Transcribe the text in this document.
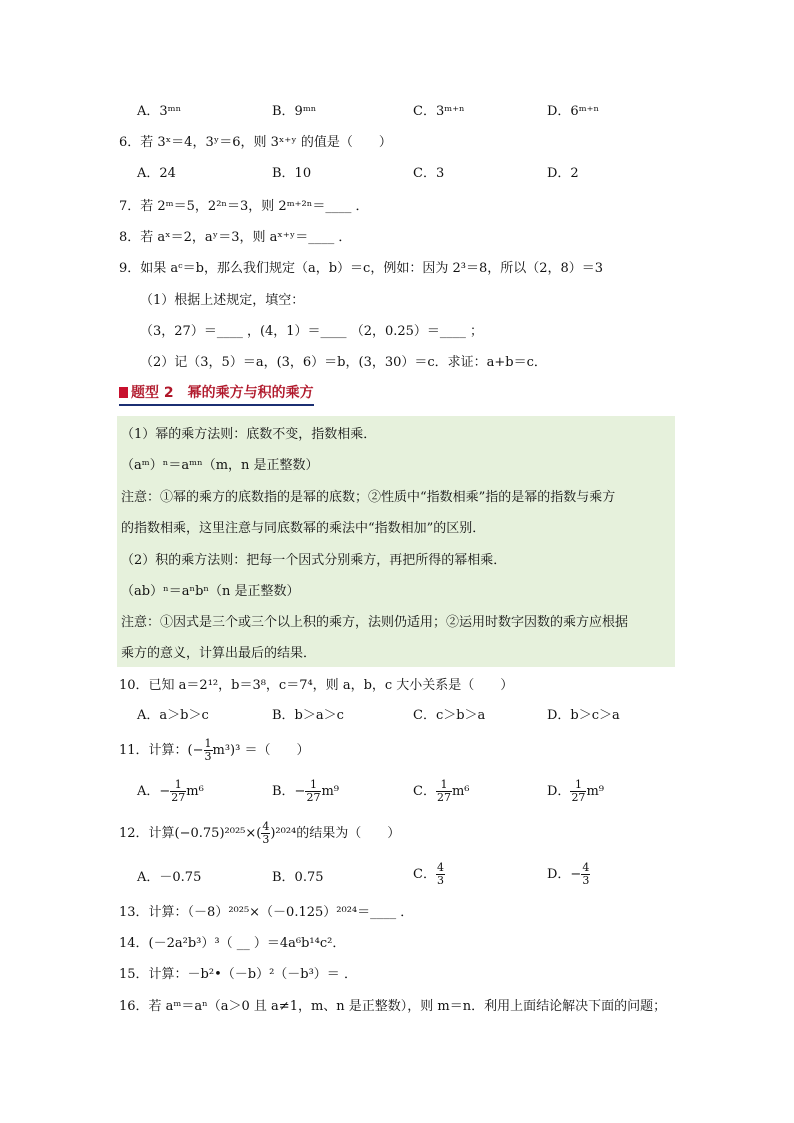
A．3ᵐⁿ	B．9ᵐⁿ	C．3ᵐ⁺ⁿ	D．6ᵐ⁺ⁿ
6．若 3ˣ＝4，3ʸ＝6，则 3ˣ⁺ʸ 的值是（　　）
A．24	B．10	C．3	D．2
7．若 2ᵐ＝5，2²ⁿ＝3，则 2ᵐ⁺²ⁿ＝____ ．
8．若 aˣ＝2，aʸ＝3，则 aˣ⁺ʸ＝____ ．
9．如果 aᶜ＝b，那么我们规定（a，b）＝c，例如：因为 2³＝8，所以（2，8）＝3
（1）根据上述规定，填空：
（3，27）＝____ ，(4，1）＝____ （2，0.25）＝____ ；
（2）记（3，5）＝a，(3，6）＝b，(3，30）＝c．求证：a+b＝c．
题型 2　幂的乘方与积的乘方
（1）幂的乘方法则：底数不变，指数相乘．
（aᵐ）ⁿ＝aᵐⁿ（m，n 是正整数）
注意：①幂的乘方的底数指的是幂的底数；②性质中“指数相乘”指的是幂的指数与乘方
的指数相乘，这里注意与同底数幂的乘法中“指数相加”的区别．
（2）积的乘方法则：把每一个因式分别乘方，再把所得的幂相乘．
（ab）ⁿ＝aⁿbⁿ（n 是正整数）
注意：①因式是三个或三个以上积的乘方，法则仍适用；②运用时数字因数的乘方应根据
乘方的意义，计算出最后的结果．
10．已知 a＝2¹²，b＝3⁸，c＝7⁴，则 a，b，c 大小关系是（　　）
A．a＞b＞c	B．b＞a＞c	C．c＞b＞a	D．b＞c＞a
11．计算：(− $\frac{1}{3} m^3)^3$ ＝（　　）
A．− $\frac{1}{27} m^6$	B．− $\frac{1}{27} m^9$	C． $\frac{1}{27} m^6$	D． $\frac{1}{27} m^9$
12．计算$(-0.75)^{2025}\times( \frac{4}{3} )^{2024}$的结果为（　　）
A．－0.75	B．0.75	C． $\frac{4}{3}$	D．− $\frac{4}{3}$
13．计算：（－8）²⁰²⁵×（－0.125）²⁰²⁴＝____ ．
14．(－2a²b³）³（ __ ）＝4a⁶b¹⁴c²．
15．计算：－b²•（－b）²（－b³）＝ ．
16．若 aᵐ＝aⁿ（a＞0 且 a≠1，m、n 是正整数），则 m＝n．利用上面结论解决下面的问题；
